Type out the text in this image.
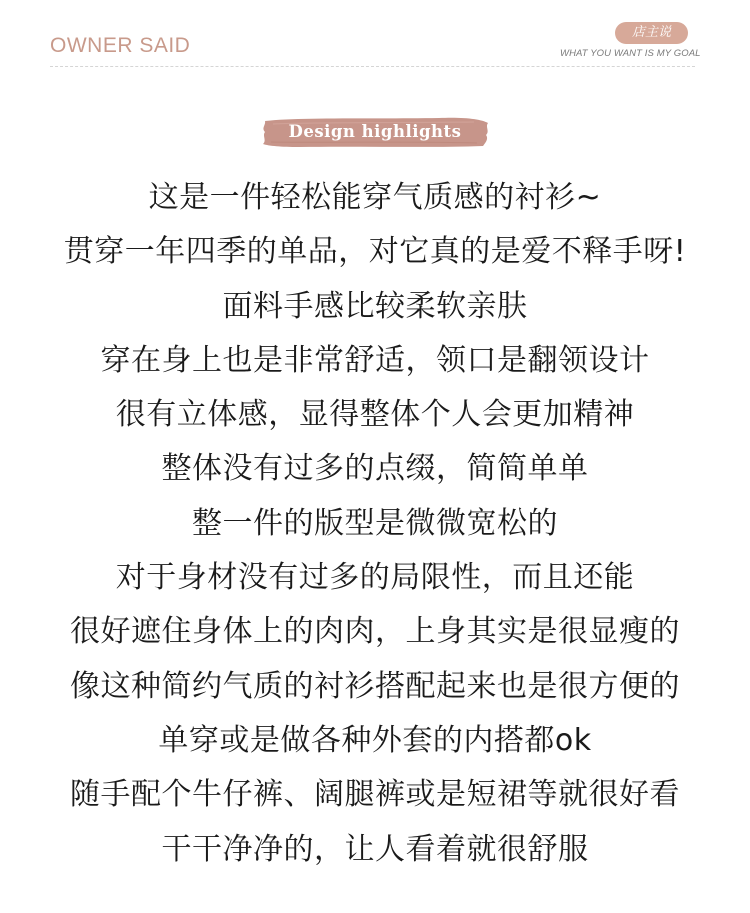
OWNER SAID
店主说
WHAT YOU WANT IS MY GOAL
Design highlights
这是一件轻松能穿气质感的衬衫~
贯穿一年四季的单品，对它真的是爱不释手呀!
面料手感比较柔软亲肤
穿在身上也是非常舒适，领口是翻领设计
很有立体感，显得整体个人会更加精神
整体没有过多的点缀，简简单单
整一件的版型是微微宽松的
对于身材没有过多的局限性，而且还能
很好遮住身体上的肉肉，上身其实是很显瘦的
像这种简约气质的衬衫搭配起来也是很方便的
单穿或是做各种外套的内搭都ok
随手配个牛仔裤、阔腿裤或是短裙等就很好看
干干净净的，让人看着就很舒服
